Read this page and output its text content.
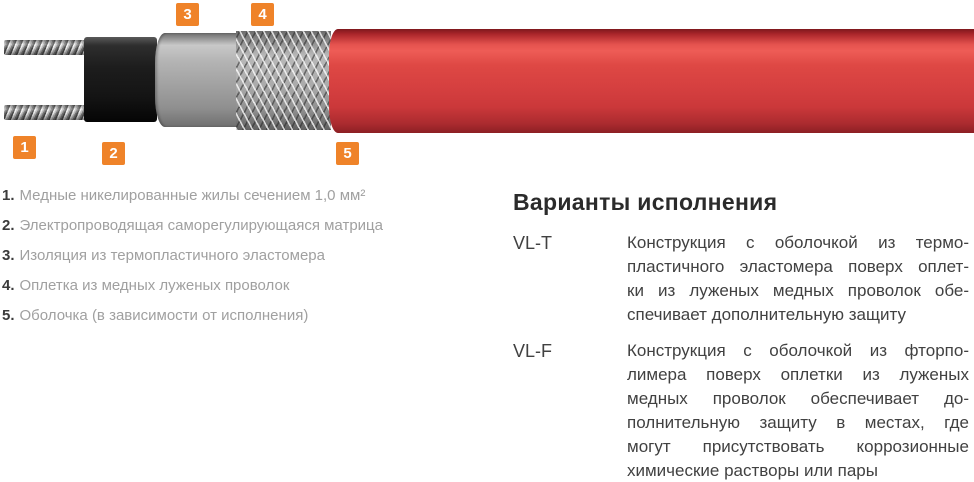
1	2
3	4
5
1. Медные никелированные жилы сечением 1,0 мм²
2. Электропроводящая саморегулирующаяся матрица
3. Изоляция из термопластичного эластомера
4. Оплетка из медных луженых проволок
5. Оболочка (в зависимости от исполнения)
Варианты исполнения
VL-T	Конструкция с оболочкой из термо-
пластичного эластомера поверх оплет-
ки из луженых медных проволок обе-
спечивает дополнительную защиту
VL-F	Конструкция с оболочкой из фторпо-
лимера поверх оплетки из луженых
медных проволок обеспечивает до-
полнительную защиту в местах, где
могут присутствовать коррозионные
химические растворы или пары
